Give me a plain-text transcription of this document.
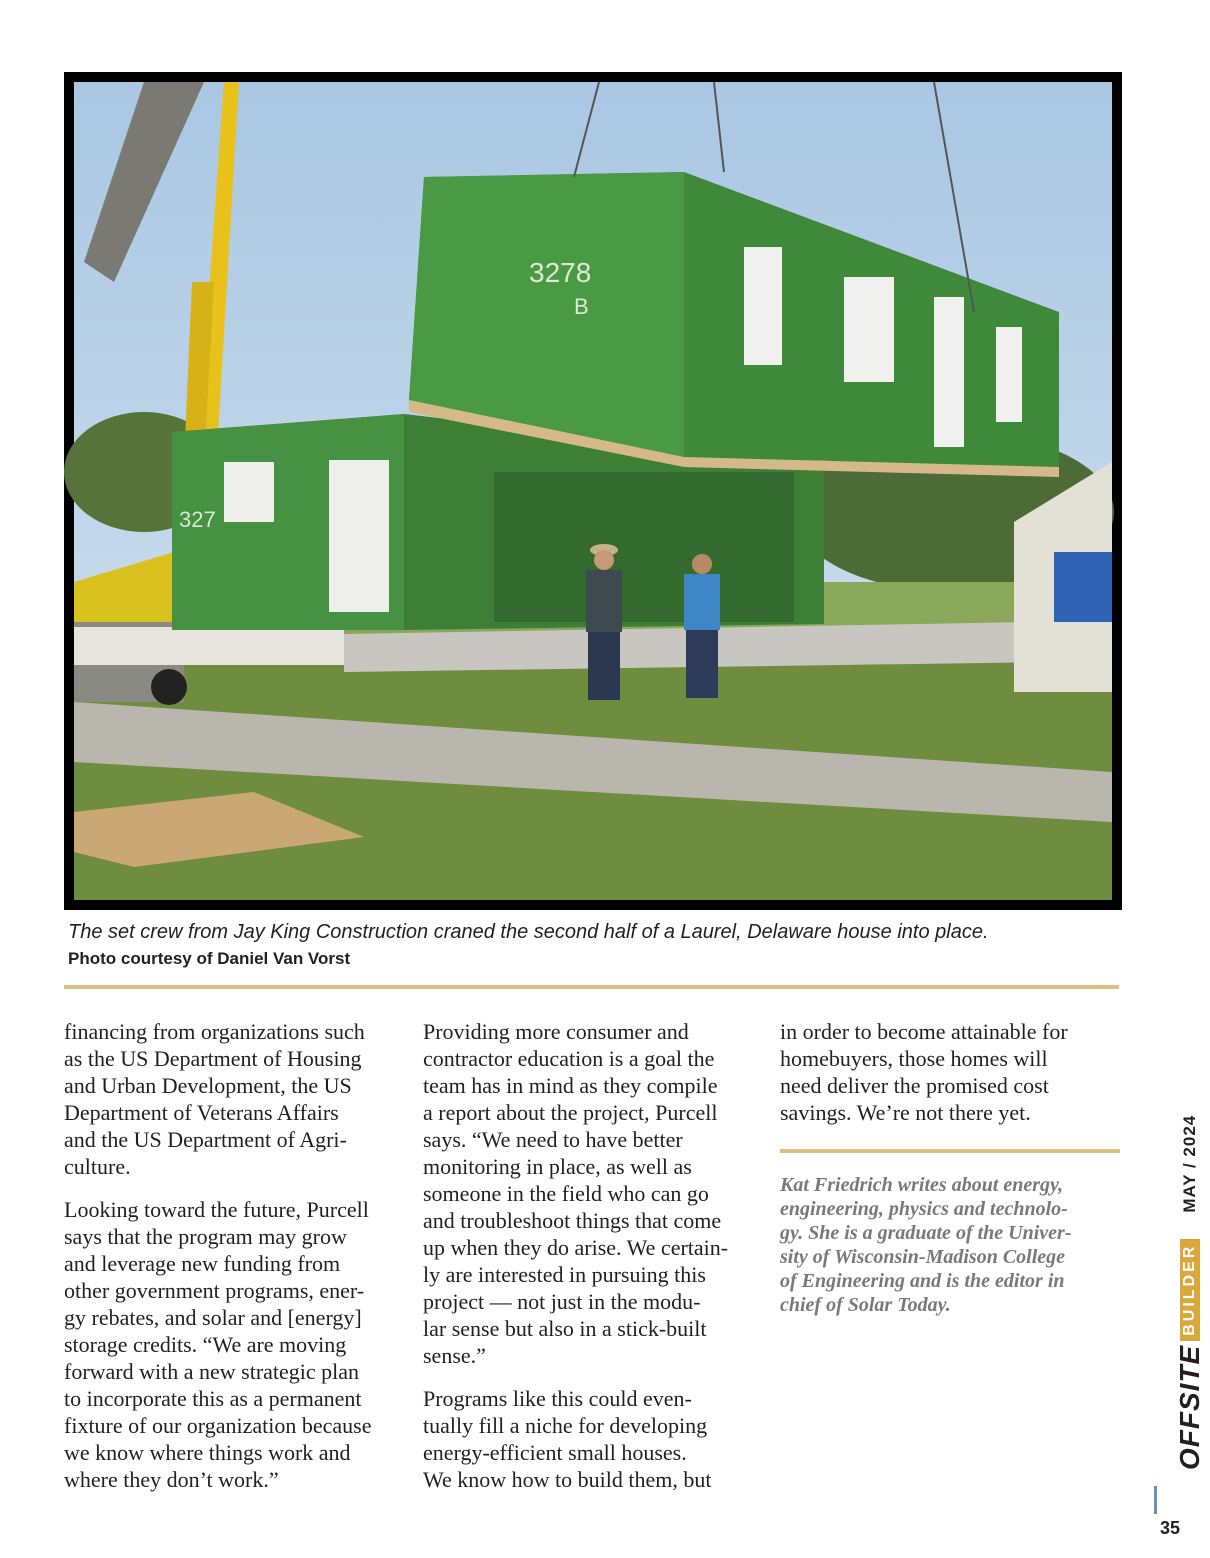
327
3278
B
The set crew from Jay King Construction craned the second half of a Laurel, Delaware house into place.
Photo courtesy of Daniel Van Vorst

financing from organizations such
as the US Department of Housing
and Urban Development, the US
Department of Veterans Affairs
and the US Department of Agri-
culture.

Looking toward the future, Purcell
says that the program may grow
and leverage new funding from
other government programs, ener-
gy rebates, and solar and [energy]
storage credits. “We are moving
forward with a new strategic plan
to incorporate this as a permanent
fixture of our organization because
we know where things work and
where they don’t work.”

Providing more consumer and
contractor education is a goal the
team has in mind as they compile
a report about the project, Purcell
says. “We need to have better
monitoring in place, as well as
someone in the field who can go
and troubleshoot things that come
up when they do arise. We certain-
ly are interested in pursuing this
project — not just in the modu-
lar sense but also in a stick-built
sense.”

Programs like this could even-
tually fill a niche for developing
energy-efficient small houses.
We know how to build them, but

in order to become attainable for
homebuyers, those homes will
need deliver the promised cost
savings. We’re not there yet.

Kat Friedrich writes about energy,
engineering, physics and technolo-
gy. She is a graduate of the Univer-
sity of Wisconsin-Madison College
of Engineering and is the editor in
chief of Solar Today.
OFFSITE
BUILDER
MAY / 2024
35
